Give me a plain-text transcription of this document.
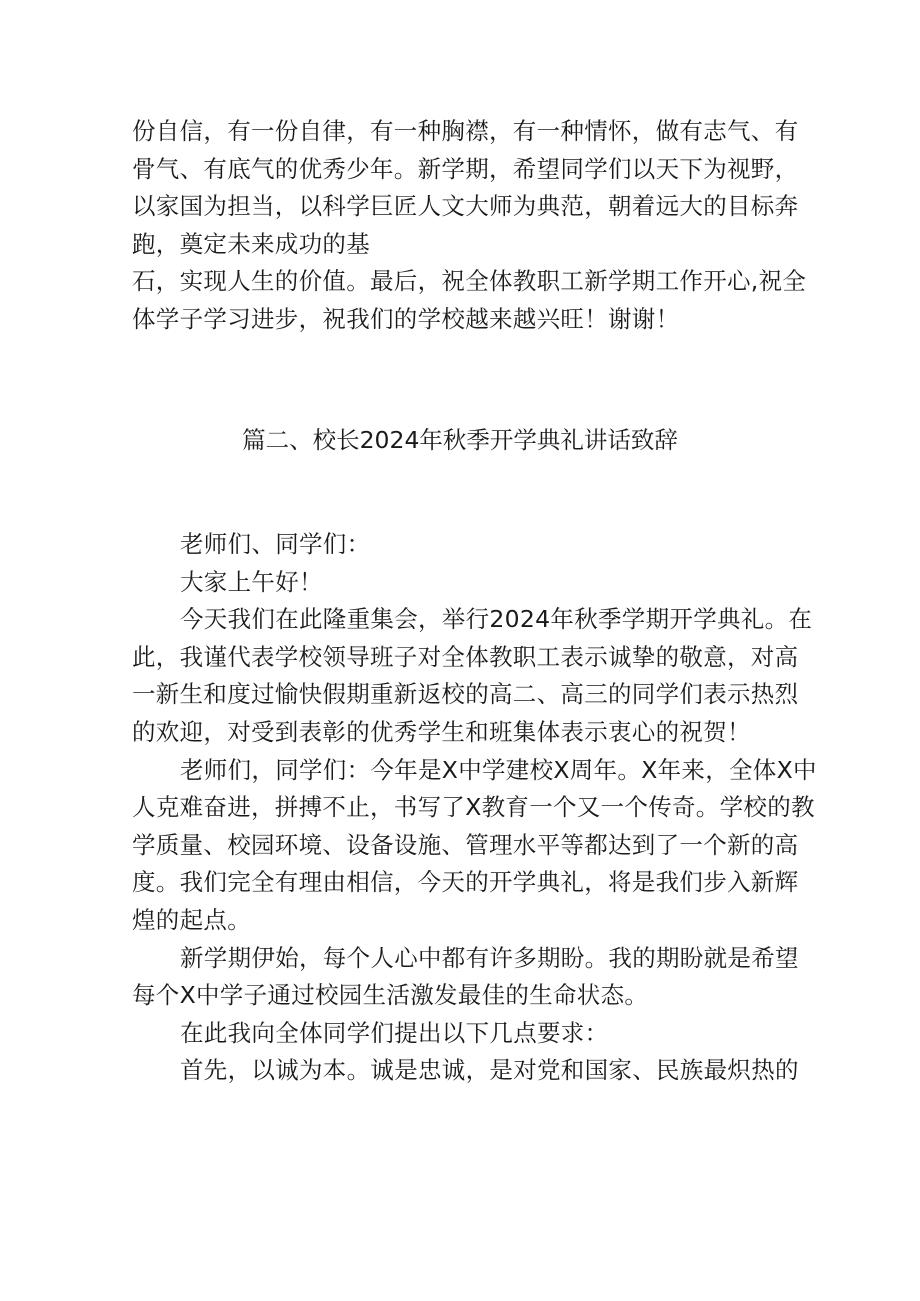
份自信，有一份自律，有一种胸襟，有一种情怀，做有志气、有
骨气、有底气的优秀少年。新学期，希望同学们以天下为视野，
以家国为担当，以科学巨匠人文大师为典范，朝着远大的目标奔
跑，奠定未来成功的基
石，实现人生的价值。最后，祝全体教职工新学期工作开心,祝全
体学子学习进步，祝我们的学校越来越兴旺！谢谢！
篇二、校长2024年秋季开学典礼讲话致辞
老师们、同学们：
大家上午好！
今天我们在此隆重集会，举行2024年秋季学期开学典礼。在
此，我谨代表学校领导班子对全体教职工表示诚挚的敬意，对高
一新生和度过愉快假期重新返校的高二、高三的同学们表示热烈
的欢迎，对受到表彰的优秀学生和班集体表示衷心的祝贺！
老师们，同学们：今年是X中学建校X周年。X年来，全体X中
人克难奋进，拼搏不止，书写了X教育一个又一个传奇。学校的教
学质量、校园环境、设备设施、管理水平等都达到了一个新的高
度。我们完全有理由相信，今天的开学典礼，将是我们步入新辉
煌的起点。
新学期伊始，每个人心中都有许多期盼。我的期盼就是希望
每个X中学子通过校园生活激发最佳的生命状态。
在此我向全体同学们提出以下几点要求：
首先，以诚为本。诚是忠诚，是对党和国家、民族最炽热的
